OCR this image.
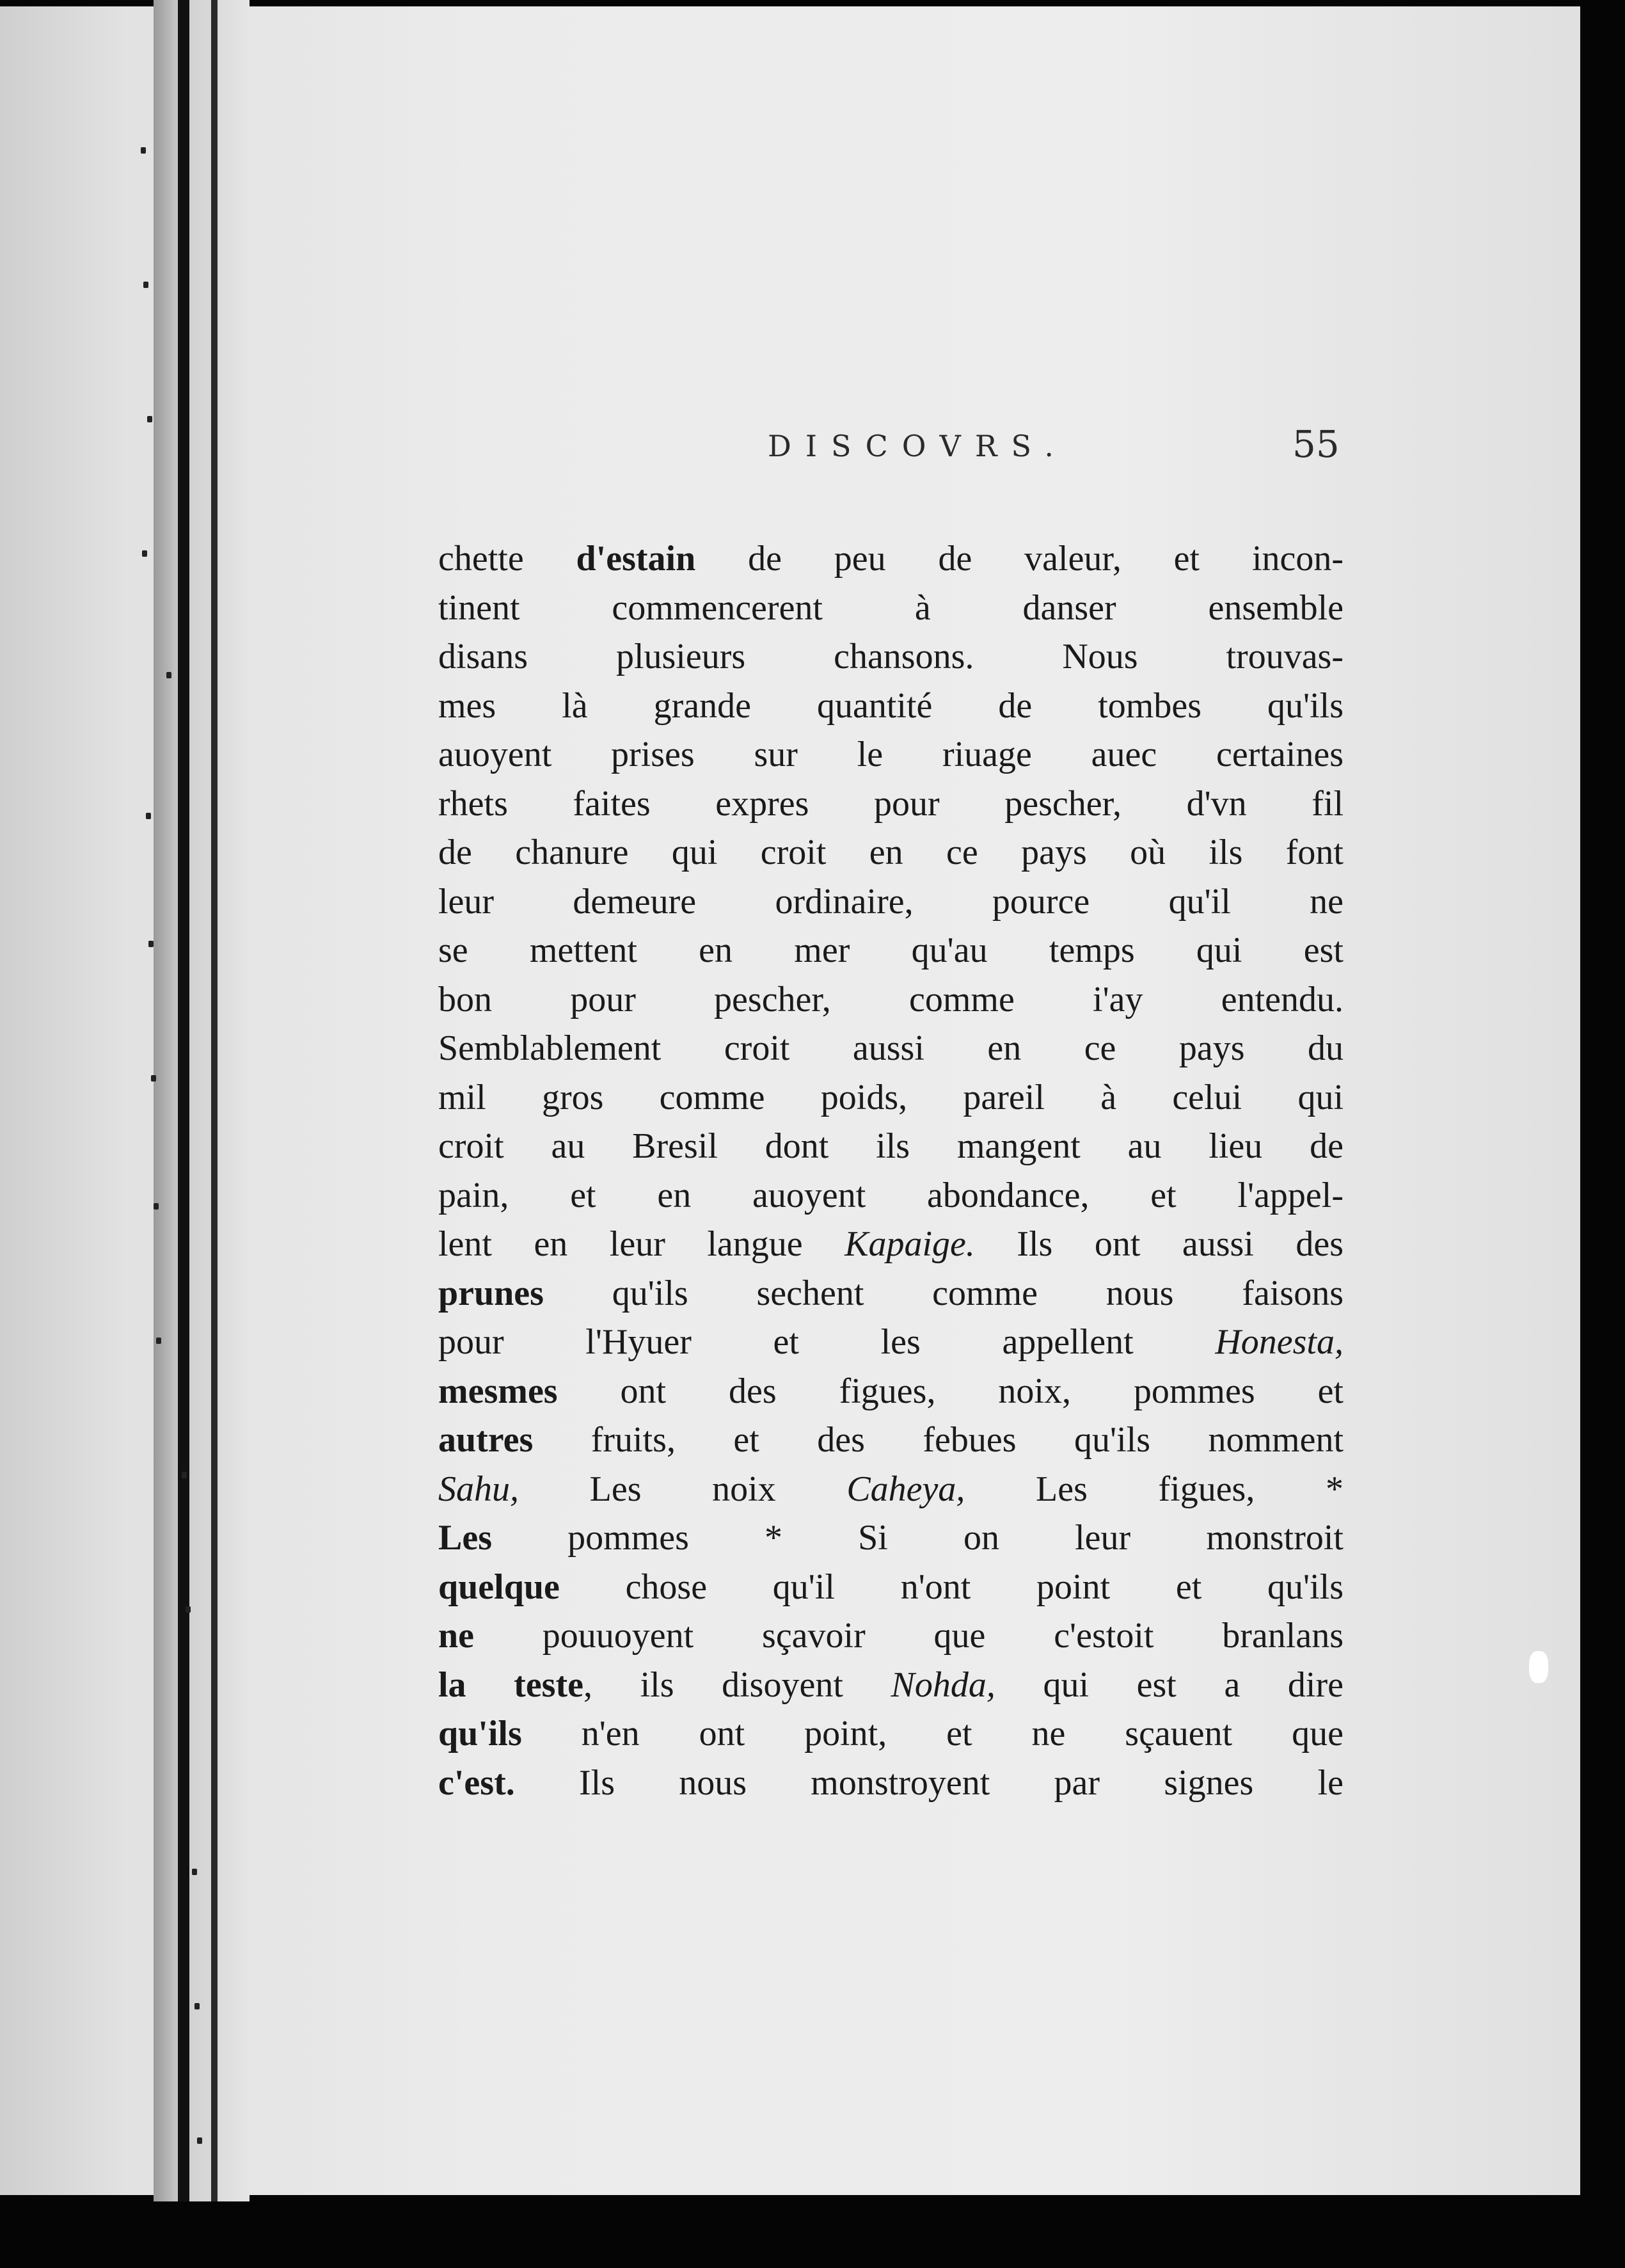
DISCOVRS.	55
chette d'estain de peu de valeur, et incon-
tinent commencerent à danser ensemble
disans plusieurs chansons. Nous trouvas-
mes là grande quantité de tombes qu'ils
auoyent prises sur le riuage auec certaines
rhets faites expres pour pescher, d'vn fil
de chanure qui croit en ce pays où ils font
leur demeure ordinaire, pource qu'il ne
se mettent en mer qu'au temps qui est
bon pour pescher, comme i'ay entendu.
Semblablement croit aussi en ce pays du
mil gros comme poids, pareil à celui qui
croit au Bresil dont ils mangent au lieu de
pain, et en auoyent abondance, et l'appel-
lent en leur langue Kapaige. Ils ont aussi des
prunes qu'ils sechent comme nous faisons
pour l'Hyuer et les appellent Honesta,
mesmes ont des figues, noix, pommes et
autres fruits, et des febues qu'ils nomment
Sahu, Les noix Caheya, Les figues, *
Les pommes * Si on leur monstroit
quelque chose qu'il n'ont point et qu'ils
ne pouuoyent sçavoir que c'estoit branlans
la teste, ils disoyent Nohda, qui est a dire
qu'ils n'en ont point, et ne sçauent que
c'est. Ils nous monstroyent par signes le
